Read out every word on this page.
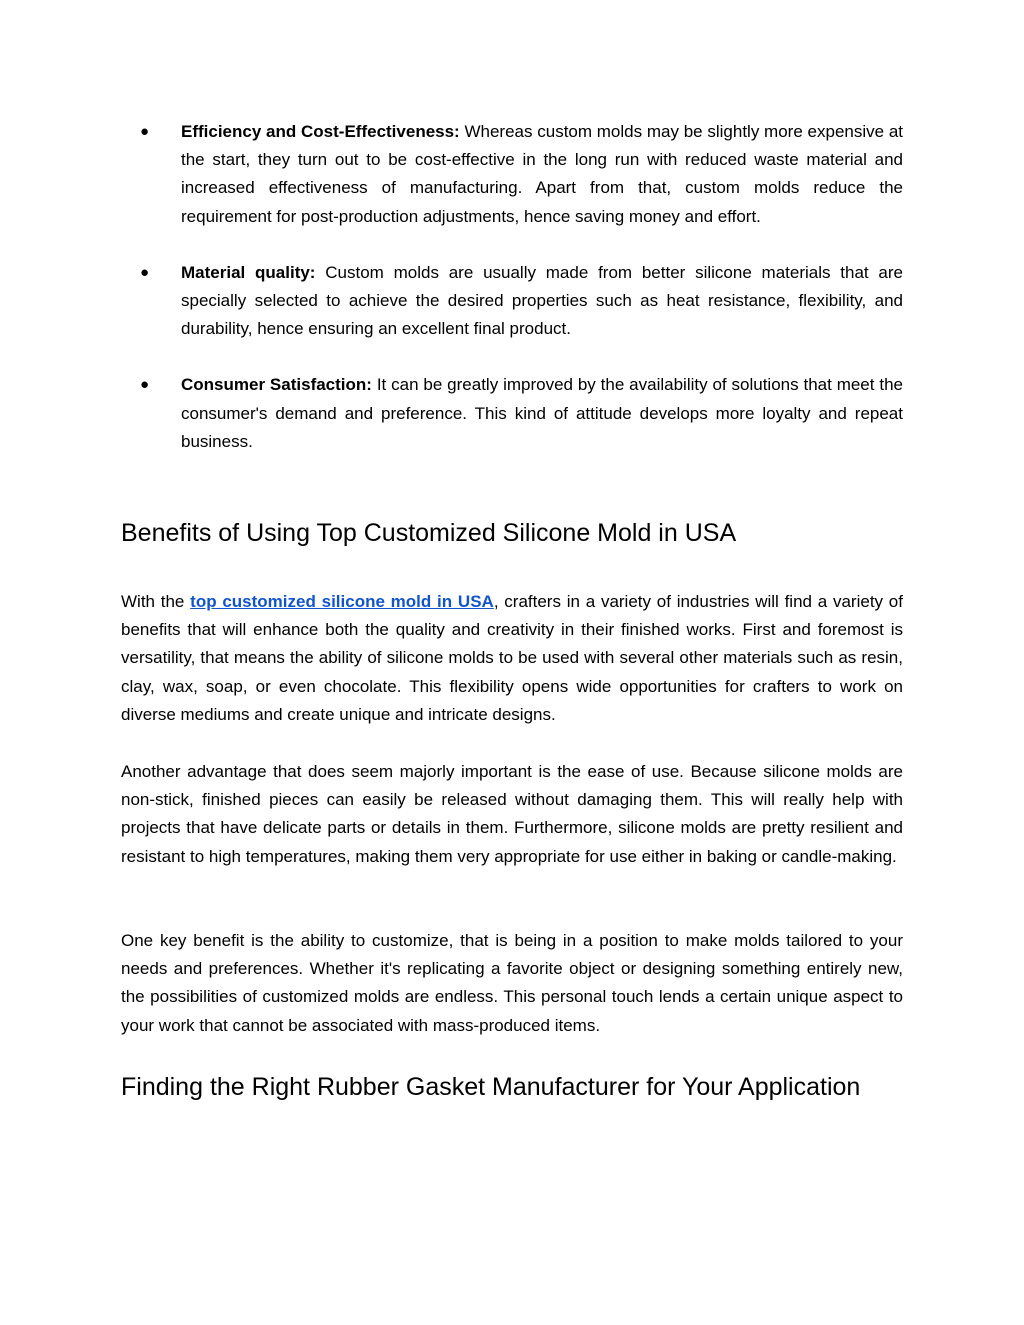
● Efficiency and Cost-Effectiveness: Whereas custom molds may be slightly more expensive at the start, they turn out to be cost-effective in the long run with reduced waste material and increased effectiveness of manufacturing. Apart from that, custom molds reduce the requirement for post-production adjustments, hence saving money and effort.
● Material quality: Custom molds are usually made from better silicone materials that are specially selected to achieve the desired properties such as heat resistance, flexibility, and durability, hence ensuring an excellent final product.
● Consumer Satisfaction: It can be greatly improved by the availability of solutions that meet the consumer's demand and preference. This kind of attitude develops more loyalty and repeat business.
Benefits of Using Top Customized Silicone Mold in USA

With the top customized silicone mold in USA, crafters in a variety of industries will find a variety of benefits that will enhance both the quality and creativity in their finished works. First and foremost is versatility, that means the ability of silicone molds to be used with several other materials such as resin, clay, wax, soap, or even chocolate. This flexibility opens wide opportunities for crafters to work on diverse mediums and create unique and intricate designs.

Another advantage that does seem majorly important is the ease of use. Because silicone molds are non-stick, finished pieces can easily be released without damaging them. This will really help with projects that have delicate parts or details in them. Furthermore, silicone molds are pretty resilient and resistant to high temperatures, making them very appropriate for use either in baking or candle-making.

One key benefit is the ability to customize, that is being in a position to make molds tailored to your needs and preferences. Whether it's replicating a favorite object or designing something entirely new, the possibilities of customized molds are endless. This personal touch lends a certain unique aspect to your work that cannot be associated with mass-produced items.

Finding the Right Rubber Gasket Manufacturer for Your Application
